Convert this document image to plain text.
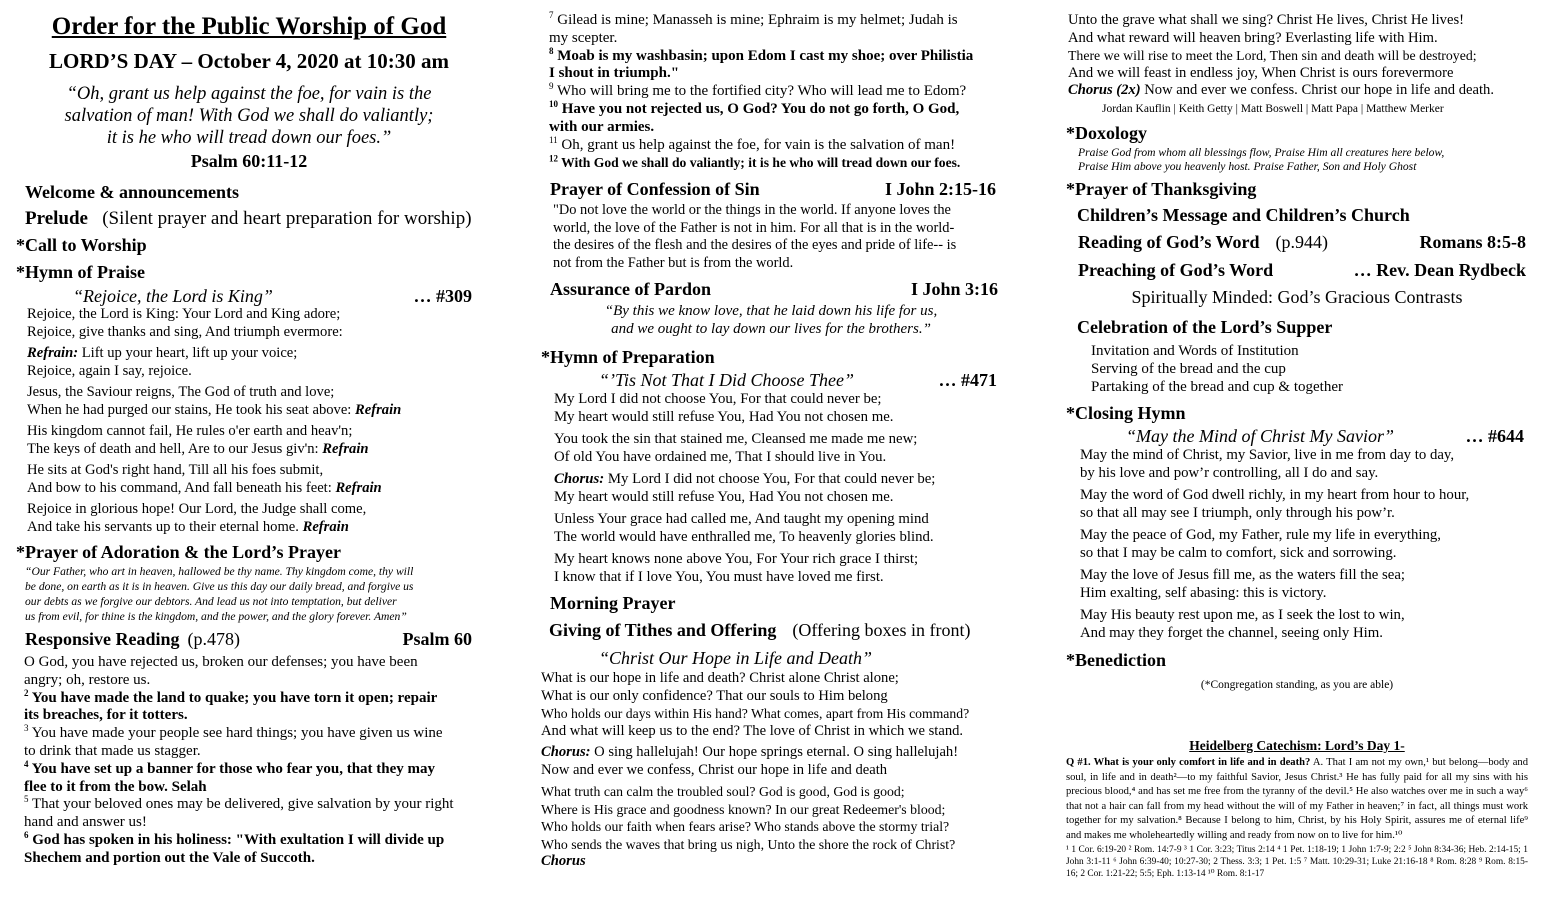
Order for the Public Worship of God
LORD’S DAY – October 4, 2020 at 10:30 am
“Oh, grant us help against the foe, for vain is the
salvation of man! With God we shall do valiantly;
it is he who will tread down our foes.”
Psalm 60:11-12
Welcome & announcements
Prelude (Silent prayer and heart preparation for worship)
*Call to Worship
*Hymn of Praise
“Rejoice, the Lord is King”	… #309
Rejoice, the Lord is King: Your Lord and King adore;
Rejoice, give thanks and sing, And triumph evermore:
Refrain: Lift up your heart, lift up your voice;
Rejoice, again I say, rejoice.
Jesus, the Saviour reigns, The God of truth and love;
When he had purged our stains, He took his seat above: Refrain
His kingdom cannot fail, He rules o'er earth and heav'n;
The keys of death and hell, Are to our Jesus giv'n: Refrain
He sits at God's right hand, Till all his foes submit,
And bow to his command, And fall beneath his feet: Refrain
Rejoice in glorious hope! Our Lord, the Judge shall come,
And take his servants up to their eternal home. Refrain
*Prayer of Adoration & the Lord’s Prayer
“Our Father, who art in heaven, hallowed be thy name. Thy kingdom come, thy will
be done, on earth as it is in heaven. Give us this day our daily bread, and forgive us
our debts as we forgive our debtors. And lead us not into temptation, but deliver
us from evil, for thine is the kingdom, and the power, and the glory forever. Amen”
Responsive Reading (p.478)	Psalm 60
O God, you have rejected us, broken our defenses; you have been
angry; oh, restore us.
$^2$ You have made the land to quake; you have torn it open; repair
its breaches, for it totters.
$^3$ You have made your people see hard things; you have given us wine
to drink that made us stagger.
$^4$ You have set up a banner for those who fear you, that they may
flee to it from the bow. Selah
$^5$ That your beloved ones may be delivered, give salvation by your right
hand and answer us!
$^6$ God has spoken in his holiness: "With exultation I will divide up
Shechem and portion out the Vale of Succoth.
$^7$ Gilead is mine; Manasseh is mine; Ephraim is my helmet; Judah is
my scepter.
$^8$ Moab is my washbasin; upon Edom I cast my shoe; over Philistia
I shout in triumph."
$^9$ Who will bring me to the fortified city? Who will lead me to Edom?
$^{10}$ Have you not rejected us, O God? You do not go forth, O God,
with our armies.
$^{11}$ Oh, grant us help against the foe, for vain is the salvation of man!
$^{12}$ With God we shall do valiantly; it is he who will tread down our foes.
Prayer of Confession of Sin	I John 2:15-16
"Do not love the world or the things in the world. If anyone loves the
world, the love of the Father is not in him. For all that is in the world-
the desires of the flesh and the desires of the eyes and pride of life-- is
not from the Father but is from the world.
Assurance of Pardon	I John 3:16
“By this we know love, that he laid down his life for us,
and we ought to lay down our lives for the brothers.”
*Hymn of Preparation
“’Tis Not That I Did Choose Thee”	… #471
My Lord I did not choose You, For that could never be;
My heart would still refuse You, Had You not chosen me.
You took the sin that stained me, Cleansed me made me new;
Of old You have ordained me, That I should live in You.
Chorus: My Lord I did not choose You, For that could never be;
My heart would still refuse You, Had You not chosen me.
Unless Your grace had called me, And taught my opening mind
The world would have enthralled me, To heavenly glories blind.
My heart knows none above You, For Your rich grace I thirst;
I know that if I love You, You must have loved me first.
Morning Prayer
Giving of Tithes and Offering (Offering boxes in front)
“Christ Our Hope in Life and Death”
What is our hope in life and death? Christ alone Christ alone;
What is our only confidence? That our souls to Him belong
Who holds our days within His hand? What comes, apart from His command?
And what will keep us to the end? The love of Christ in which we stand.
Chorus: O sing hallelujah! Our hope springs eternal. O sing hallelujah!
Now and ever we confess, Christ our hope in life and death
What truth can calm the troubled soul? God is good, God is good;
Where is His grace and goodness known? In our great Redeemer's blood;
Who holds our faith when fears arise? Who stands above the stormy trial?
Who sends the waves that bring us nigh, Unto the shore the rock of Christ?
Chorus
Unto the grave what shall we sing? Christ He lives, Christ He lives!
And what reward will heaven bring? Everlasting life with Him.
There we will rise to meet the Lord, Then sin and death will be destroyed;
And we will feast in endless joy, When Christ is ours forevermore
Chorus (2x) Now and ever we confess. Christ our hope in life and death.
Jordan Kauflin | Keith Getty | Matt Boswell | Matt Papa | Matthew Merker
*Doxology
Praise God from whom all blessings flow, Praise Him all creatures here below,
Praise Him above you heavenly host. Praise Father, Son and Holy Ghost
*Prayer of Thanksgiving
Children’s Message and Children’s Church
Reading of God’s Word (p.944)	Romans 8:5-8
Preaching of God’s Word	… Rev. Dean Rydbeck
Spiritually Minded: God’s Gracious Contrasts
Celebration of the Lord’s Supper
Invitation and Words of Institution
Serving of the bread and the cup
Partaking of the bread and cup & together
*Closing Hymn
“May the Mind of Christ My Savior”	… #644
May the mind of Christ, my Savior, live in me from day to day,
by his love and pow’r controlling, all I do and say.
May the word of God dwell richly, in my heart from hour to hour,
so that all may see I triumph, only through his pow’r.
May the peace of God, my Father, rule my life in everything,
so that I may be calm to comfort, sick and sorrowing.
May the love of Jesus fill me, as the waters fill the sea;
Him exalting, self abasing: this is victory.
May His beauty rest upon me, as I seek the lost to win,
And may they forget the channel, seeing only Him.
*Benediction
(*Congregation standing, as you are able)
Heidelberg Catechism: Lord’s Day 1-
Q #1. What is your only comfort in life and in death? A. That I am not my own,¹ but belong—body and soul, in life and in death²—to my faithful Savior, Jesus Christ.³ He has fully paid for all my sins with his precious blood,⁴ and has set me free from the tyranny of the devil.⁵ He also watches over me in such a way⁶ that not a hair can fall from my head without the will of my Father in heaven;⁷ in fact, all things must work together for my salvation.⁸ Because I belong to him, Christ, by his Holy Spirit, assures me of eternal life⁹ and makes me wholeheartedly willing and ready from now on to live for him.¹⁰
¹ 1 Cor. 6:19-20 ² Rom. 14:7-9 ³ 1 Cor. 3:23; Titus 2:14 ⁴ 1 Pet. 1:18-19; 1 John 1:7-9; 2:2 ⁵ John 8:34-36; Heb. 2:14-15; 1 John 3:1-11 ⁶ John 6:39-40; 10:27-30; 2 Thess. 3:3; 1 Pet. 1:5 ⁷ Matt. 10:29-31; Luke 21:16-18 ⁸ Rom. 8:28 ⁹ Rom. 8:15-16; 2 Cor. 1:21-22; 5:5; Eph. 1:13-14 ¹⁰ Rom. 8:1-17
